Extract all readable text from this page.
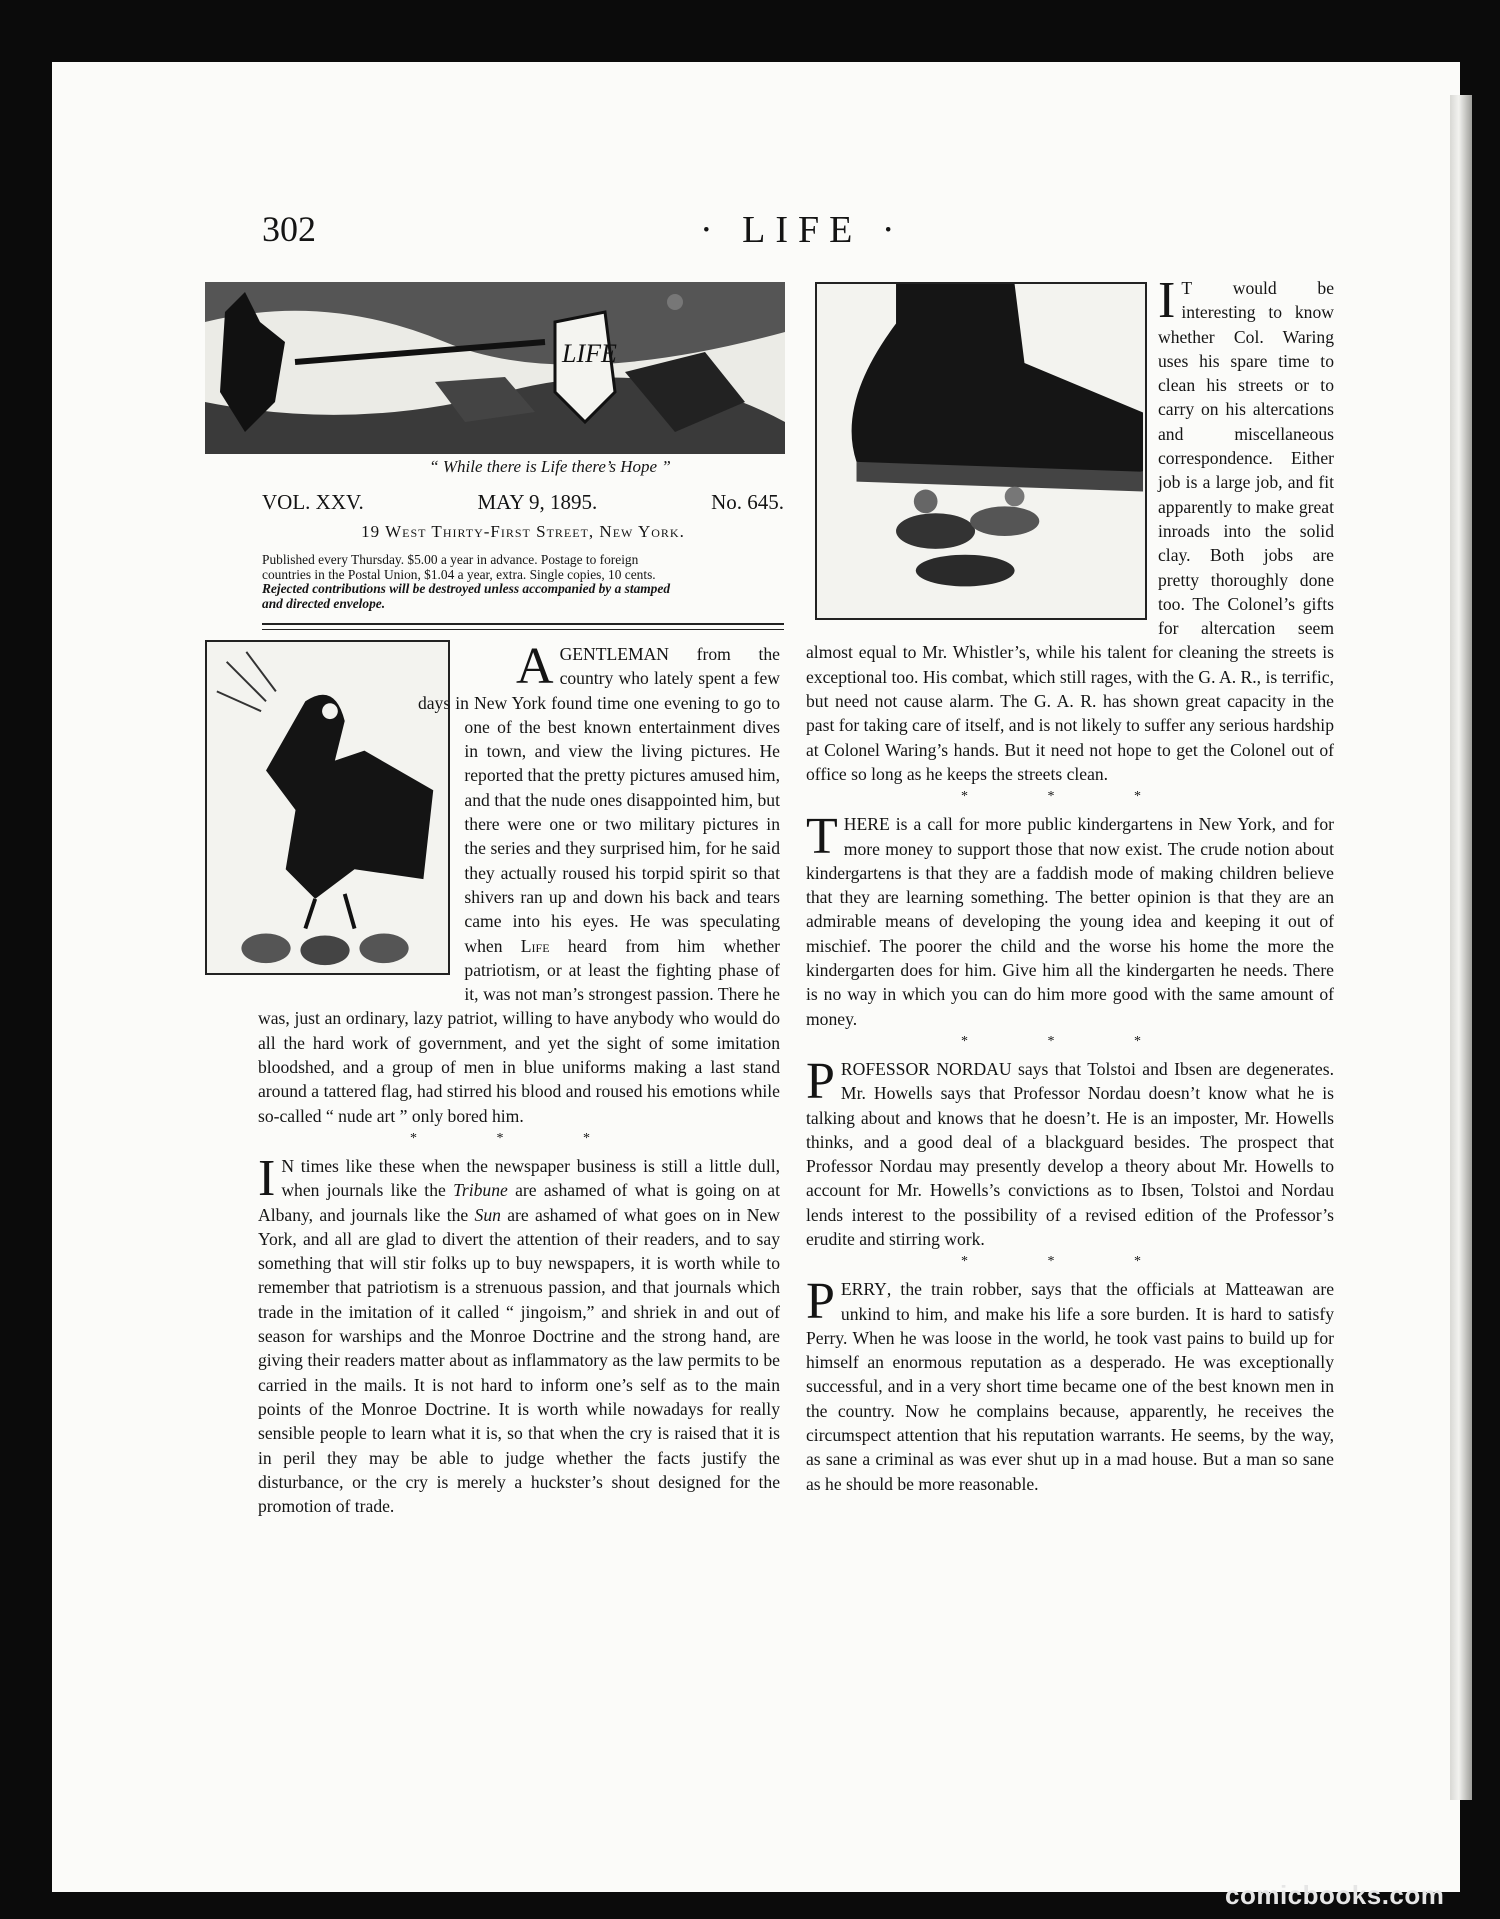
302	· LIFE ·
LIFE
“ While there is Life there’s Hope ”
VOL. XXV.	MAY 9, 1895.	No. 645.
19 West Thirty-First Street, New York.
Published every Thursday. $5.00 a year in advance. Postage to foreign
countries in the Postal Union, $1.04 a year, extra. Single copies, 10 cents.
Rejected contributions will be destroyed unless accompanied by a stamped
and directed envelope.

AGENTLEMAN from the country who lately spent a few days in New York found time one evening to go to one of the best known entertainment dives in town, and view the living pictures. He reported that the pretty pictures amused him, and that the nude ones disappointed him, but there were one or two military pictures in the series and they surprised him, for he said they actually roused his torpid spirit so that shivers ran up and down his back and tears came into his eyes. He was speculating when Life heard from him whether patriotism, or at least the fighting phase of it, was not man’s strongest passion. There he was, just an ordinary, lazy patriot, willing to have anybody who would do all the hard work of government, and yet the sight of some imitation bloodshed, and a group of men in blue uniforms making a last stand around a tattered flag, had stirred his blood and roused his emotions while so-called “ nude art ” only bored him.

* * *

I N times like these when the newspaper business is still a little dull, when journals like the Tribune are ashamed of what is going on at Albany, and journals like the Sun are ashamed of what goes on in New York, and all are glad to divert the attention of their readers, and to say something that will stir folks up to buy newspapers, it is worth while to remember that patriotism is a strenuous passion, and that journals which trade in the imitation of it called “ jingoism,” and shriek in and out of season for warships and the Monroe Doctrine and the strong hand, are giving their readers matter about as inflammatory as the law permits to be carried in the mails. It is not hard to inform one’s self as to the main points of the Monroe Doctrine. It is worth while nowadays for really sensible people to learn what it is, so that when the cry is raised that it is in peril they may be able to judge whether the facts justify the disturbance, or the cry is merely a huckster’s shout designed for the promotion of trade.

I T would be interesting to know whether Col. Waring uses his spare time to clean his streets or to carry on his altercations and miscellaneous correspondence. Either job is a large job, and fit apparently to make great inroads into the solid clay. Both jobs are pretty thoroughly done too. The Colonel’s gifts for altercation seem almost equal to Mr. Whistler’s, while his talent for cleaning the streets is exceptional too. His combat, which still rages, with the G. A. R., is terrific, but need not cause alarm. The G. A. R. has shown great capacity in the past for taking care of itself, and is not likely to suffer any serious hardship at Colonel Waring’s hands. But it need not hope to get the Colonel out of office so long as he keeps the streets clean.

* * *

THERE is a call for more public kindergartens in New York, and for more money to support those that now exist. The crude notion about kindergartens is that they are a faddish mode of making children believe that they are learning something. The better opinion is that they are an admirable means of developing the young idea and keeping it out of mischief. The poorer the child and the worse his home the more the kindergarten does for him. Give him all the kindergarten he needs. There is no way in which you can do him more good with the same amount of money.

* * *

PROFESSOR NORDAU says that Tolstoi and Ibsen are degenerates. Mr. Howells says that Professor Nordau doesn’t know what he is talking about and knows that he doesn’t. He is an imposter, Mr. Howells thinks, and a good deal of a blackguard besides. The prospect that Professor Nordau may presently develop a theory about Mr. Howells to account for Mr. Howells’s convictions as to Ibsen, Tolstoi and Nordau lends interest to the possibility of a revised edition of the Professor’s erudite and stirring work.

* * *

PERRY, the train robber, says that the officials at Matteawan are unkind to him, and make his life a sore burden. It is hard to satisfy Perry. When he was loose in the world, he took vast pains to build up for himself an enormous reputation as a desperado. He was exceptionally successful, and in a very short time became one of the best known men in the country. Now he complains because, apparently, he receives the circumspect attention that his reputation warrants. He seems, by the way, as sane a criminal as was ever shut up in a mad house. But a man so sane as he should be more reasonable.

comicbooks.com
